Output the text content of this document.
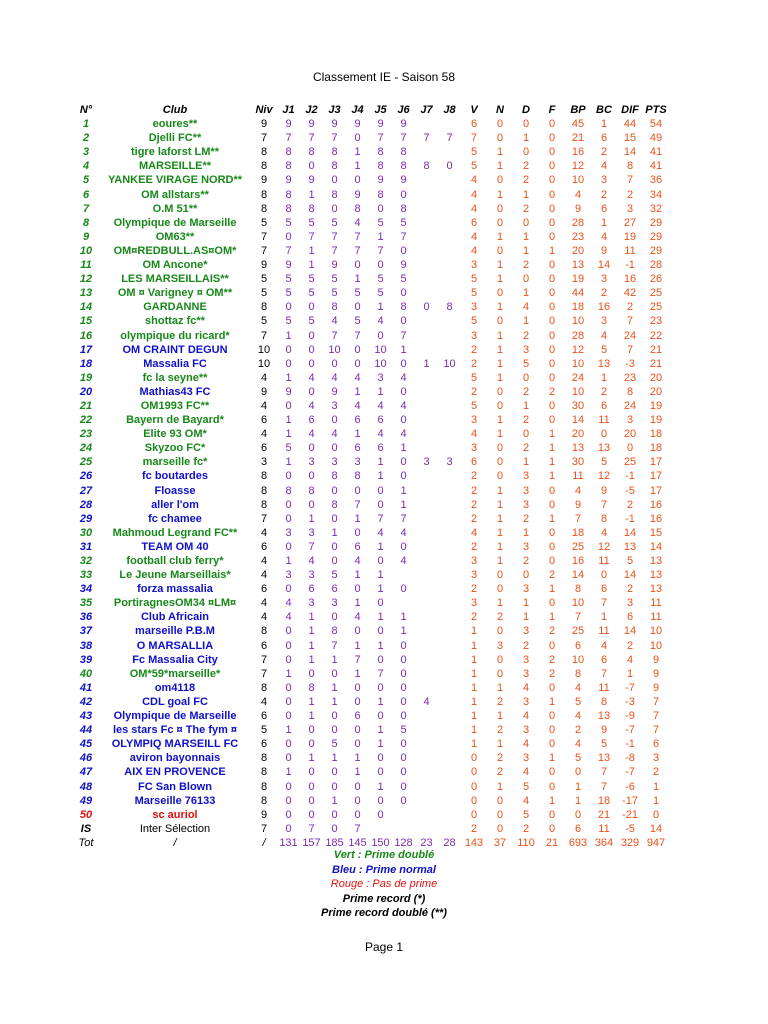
Classement IE - Saison 58
N°	Club	Niv	J1	J2	J3	J4	J5	J6	J7	J8	V	N	D	F	BP	BC	DIF	PTS
1	eoures**	9	9	9	9	9	9	9			6	0	0	0	45	1	44	54
2	Djelli FC**	7	7	7	7	0	7	7	7	7	7	0	1	0	21	6	15	49
3	tigre laforst LM**	8	8	8	8	1	8	8			5	1	0	0	16	2	14	41
4	MARSEILLE**	8	8	0	8	1	8	8	8	0	5	1	2	0	12	4	8	41
5	YANKEE VIRAGE NORD**	9	9	9	0	0	9	9			4	0	2	0	10	3	7	36
6	OM allstars**	8	8	1	8	9	8	0			4	1	1	0	4	2	2	34
7	O.M 51**	8	8	8	0	8	0	8			4	0	2	0	9	6	3	32
8	Olympique de Marseille	5	5	5	5	4	5	5			6	0	0	0	28	1	27	29
9	OM63**	7	0	7	7	7	1	7			4	1	1	0	23	4	19	29
10	OM¤REDBULL.AS¤OM*	7	7	1	7	7	7	0			4	0	1	1	20	9	11	29
11	OM Ancone*	9	9	1	9	0	0	9			3	1	2	0	13	14	-1	28
12	LES MARSEILLAIS**	5	5	5	5	1	5	5			5	1	0	0	19	3	16	26
13	OM ¤ Varigney ¤ OM**	5	5	5	5	5	5	0			5	0	1	0	44	2	42	25
14	GARDANNE	8	0	0	8	0	1	8	0	8	3	1	4	0	18	16	2	25
15	shottaz fc**	5	5	5	4	5	4	0			5	0	1	0	10	3	7	23
16	olympique du ricard*	7	1	0	7	7	0	7			3	1	2	0	28	4	24	22
17	OM CRAINT DEGUN	10	0	0	10	0	10	1			2	1	3	0	12	5	7	21
18	Massalia FC	10	0	0	0	0	10	0	1	10	2	1	5	0	10	13	-3	21
19	fc la seyne**	4	1	4	4	4	3	4			5	1	0	0	24	1	23	20
20	Mathias43 FC	9	9	0	9	1	1	0			2	0	2	2	10	2	8	20
21	OM1993 FC**	4	0	4	3	4	4	4			5	0	1	0	30	6	24	19
22	Bayern de Bayard*	6	1	6	0	6	6	0			3	1	2	0	14	11	3	19
23	Elite 93 OM*	4	1	4	4	1	4	4			4	1	0	1	20	0	20	18
24	Skyzoo FC*	6	5	0	0	6	6	1			3	0	2	1	13	13	0	18
25	marseille fc*	3	1	3	3	3	1	0	3	3	6	0	1	1	30	5	25	17
26	fc boutardes	8	0	0	8	8	1	0			2	0	3	1	11	12	-1	17
27	Floasse	8	8	8	0	0	0	1			2	1	3	0	4	9	-5	17
28	aller l'om	8	0	0	8	7	0	1			2	1	3	0	9	7	2	16
29	fc chamee	7	0	1	0	1	7	7			2	1	2	1	7	8	-1	16
30	Mahmoud Legrand FC**	4	3	3	1	0	4	4			4	1	1	0	18	4	14	15
31	TEAM OM 40	6	0	7	0	6	1	0			2	1	3	0	25	12	13	14
32	football club ferry*	4	1	4	0	4	0	4			3	1	2	0	16	11	5	13
33	Le Jeune Marseillais*	4	3	3	5	1	1				3	0	0	2	14	0	14	13
34	forza massalia	6	0	6	6	0	1	0			2	0	3	1	8	6	2	13
35	PortiragnesOM34 ¤LM¤	4	4	3	3	1	0				3	1	1	0	10	7	3	11
36	Club Africain	4	4	1	0	4	1	1			2	2	1	1	7	1	6	11
37	marseille P.B.M	8	0	1	8	0	0	1			1	0	3	2	25	11	14	10
38	O MARSALLIA	6	0	1	7	1	1	0			1	3	2	0	6	4	2	10
39	Fc Massalia City	7	0	1	1	7	0	0			1	0	3	2	10	6	4	9
40	OM*59*marseille*	7	1	0	0	1	7	0			1	0	3	2	8	7	1	9
41	om4118	8	0	8	1	0	0	0			1	1	4	0	4	11	-7	9
42	CDL goal FC	4	0	1	1	0	1	0	4		1	2	3	1	5	8	-3	7
43	Olympique de Marseille	6	0	1	0	6	0	0			1	1	4	0	4	13	-9	7
44	les stars Fc ¤ The fym ¤	5	1	0	0	0	1	5			1	2	3	0	2	9	-7	7
45	OLYMPIQ MARSEILL FC	6	0	0	5	0	1	0			1	1	4	0	4	5	-1	6
46	aviron bayonnais	8	0	1	1	1	0	0			0	2	3	1	5	13	-8	3
47	AIX EN PROVENCE	8	1	0	0	1	0	0			0	2	4	0	0	7	-7	2
48	FC San Blown	8	0	0	0	0	1	0			0	1	5	0	1	7	-6	1
49	Marseille 76133	8	0	0	1	0	0	0			0	0	4	1	1	18	-17	1
50	sc auriol	9	0	0	0	0	0				0	0	5	0	0	21	-21	0
IS	Inter Sélection	7	0	7	0	7					2	0	2	0	6	11	-5	14
Tot	/	/	131	157	185	145	150	128	23	28	143	37	110	21	693	364	329	947
Vert : Prime doublé
Bleu : Prime normal
Rouge : Pas de prime
Prime record (*)
Prime record doublé (**)
Page 1
